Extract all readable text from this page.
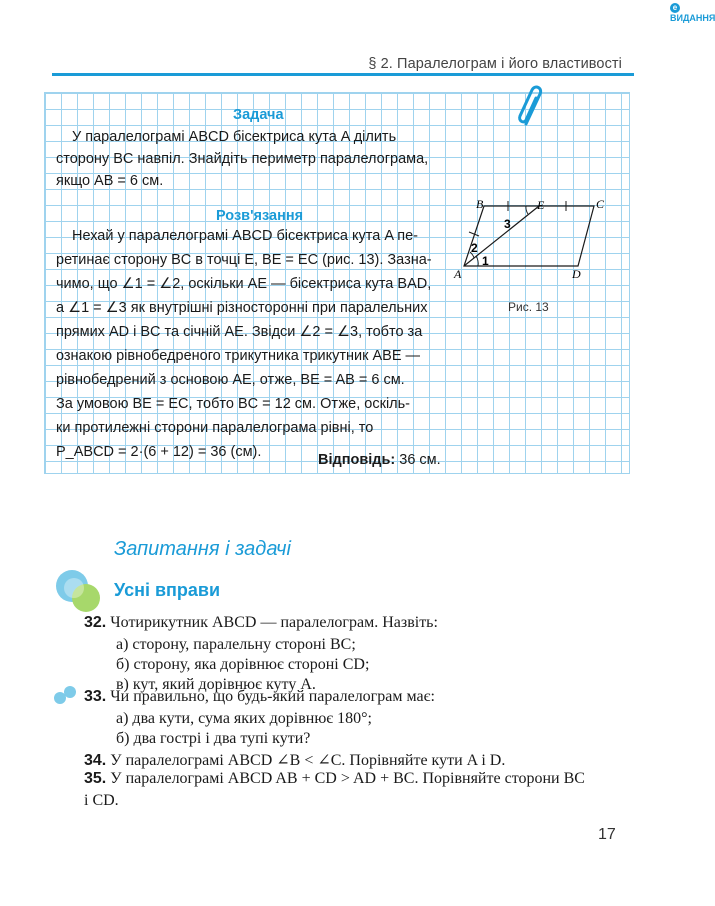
eВИДАННЯ
§ 2. Паралелограм і його властивості
Задача
У паралелограмі ABCD бісектриса кута A ділить
сторону BC навпіл. Знайдіть периметр паралелограма,
якщо AB = 6 см.
Розв'язання
Нехай у паралелограмі ABCD бісектриса кута A пе-
ретинає сторону BC в точці E, BE = EC (рис. 13). Зазна-
чимо, що ∠1 = ∠2, оскільки AE — бісектриса кута BAD,
а ∠1 = ∠3 як внутрішні різносторонні при паралельних
прямих AD і BC та січній AE. Звідси ∠2 = ∠3, тобто за
ознакою рівнобедреного трикутника трикутник ABE —
рівнобедрений з основою AE, отже, BE = AB = 6 см.
За умовою BE = EC, тобто BC = 12 см. Отже, оскіль-
ки протилежні сторони паралелограма рівні, то
P_ABCD = 2·(6 + 12) = 36 (см).	Відповідь: 36 см.
B	E	C
A	D
1
2
3
Рис. 13
Запитання і задачі
Усні вправи
32. Чотирикутник ABCD — паралелограм. Назвіть:
а) сторону, паралельну стороні BC;
б) сторону, яка дорівнює стороні CD;
в) кут, який дорівнює куту A.
33. Чи правильно, що будь-який паралелограм має:
а) два кути, сума яких дорівнює 180°;
б) два гострі і два тупі кути?
34. У паралелограмі ABCD ∠B < ∠C. Порівняйте кути A і D.
35. У паралелограмі ABCD AB + CD > AD + BC. Порівняйте сторони BC
і CD.
17
